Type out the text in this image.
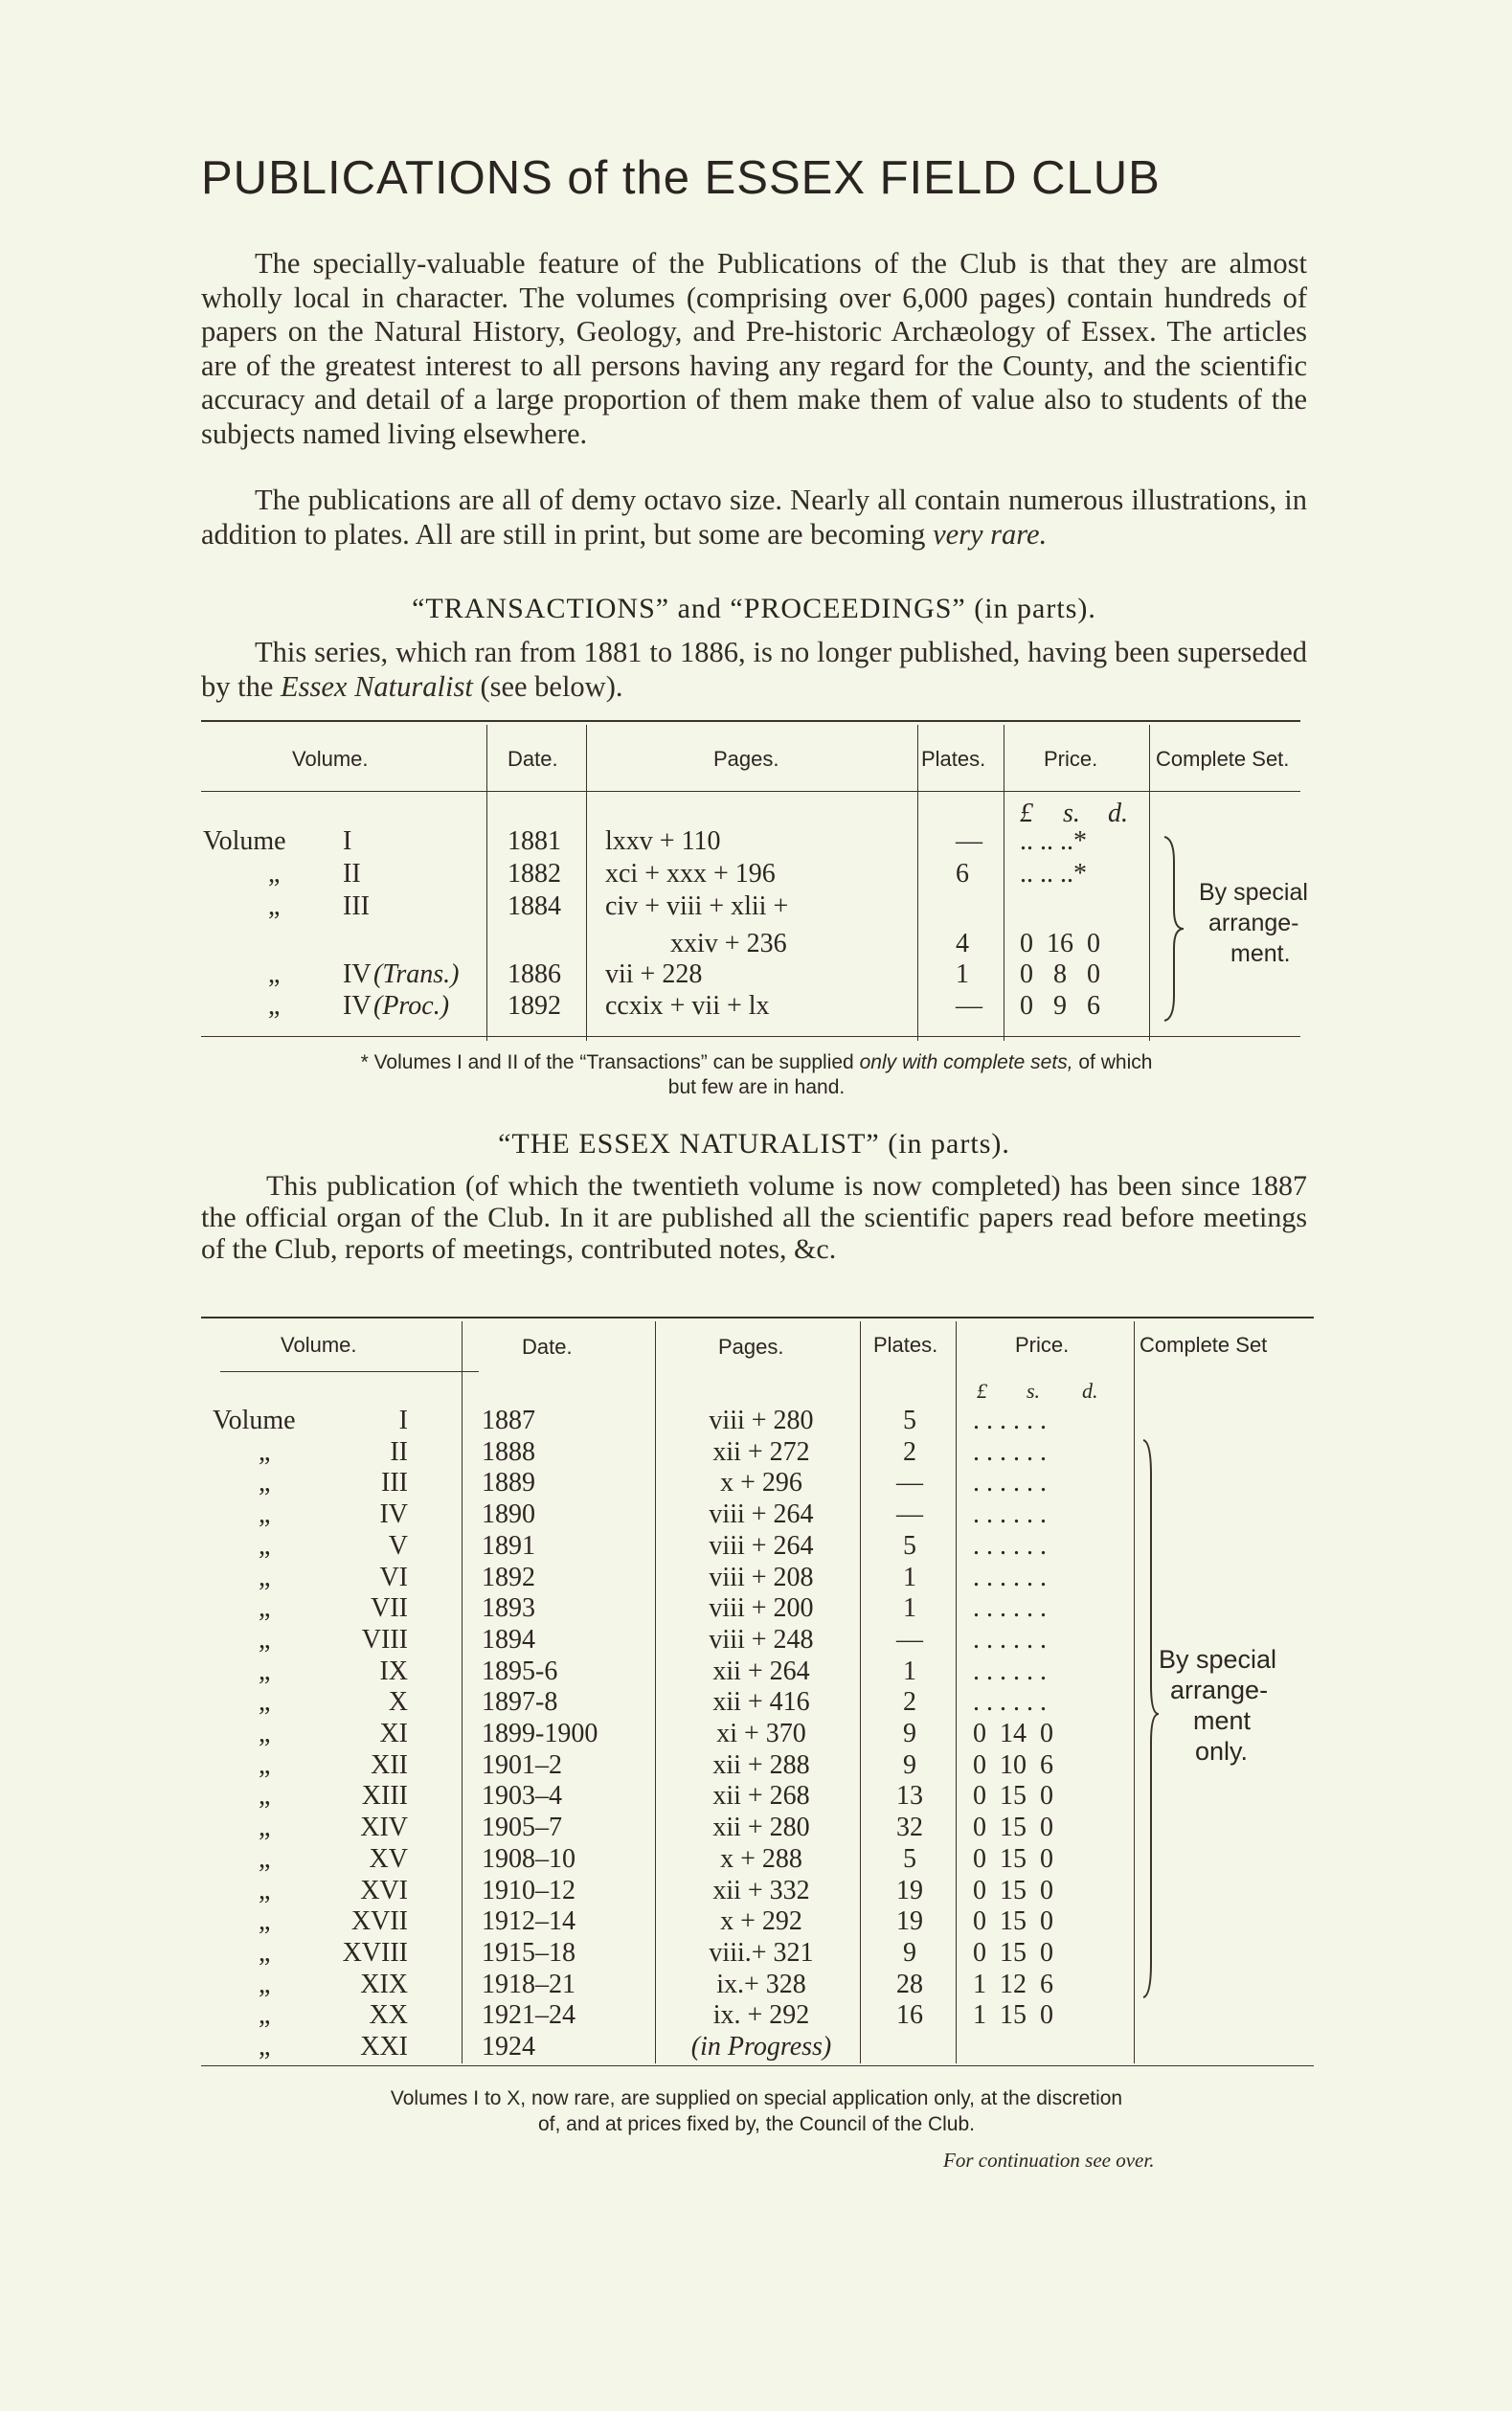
PUBLICATIONS of the ESSEX FIELD CLUB
The specially-valuable feature of the Publications of the Club is that they are almost wholly local in character. The volumes (comprising over 6,000 pages) contain hundreds of papers on the Natural History, Geology, and Pre-historic Archæology of Essex. The articles are of the greatest interest to all persons having any regard for the County, and the scientific accuracy and detail of a large proportion of them make them of value also to students of the subjects named living elsewhere.
The publications are all of demy octavo size. Nearly all contain numerous illustrations, in addition to plates. All are still in print, but some are becoming very rare.
“TRANSACTIONS” and “PROCEEDINGS” (in parts).
This series, which ran from 1881 to 1886, is no longer published, having been superseded by the Essex Naturalist (see below).
Volume.	Date.	Pages.	Plates.	Price.	Complete Set.
£ s. d.
Volume I	1881 lxxv + 110	— .. .. ..*
„ II	1882 xci + xxx + 196	6 .. .. ..*
„ III	1884 civ + viii + xlii +
xxiv + 236	4 0  16  0
„ IV (Trans.) 1886 vii + 228	1 0   8   0
„ IV (Proc.) 1892 ccxix + vii + lx	— 0   9   6
By special
arrange-
ment.
* Volumes I and II of the “Transactions” can be supplied only with complete sets, of which
but few are in hand.
“THE ESSEX NATURALIST” (in parts).
This publication (of which the twentieth volume is now completed) has been since 1887 the official organ of the Club. In it are published all the scientific papers read before meetings of the Club, reports of meetings, contributed notes, &c.
Volume.	Date.	Pages.	Plates.	Price.	Complete Set
£ s. d.
Volume	I	1887	viii + 280	5	. . . . . .
„	II	1888	xii + 272	2	. . . . . .
„	III	1889	x + 296	—	. . . . . .
„	IV	1890	viii + 264	—	. . . . . .
„	V	1891	viii + 264	5	. . . . . .
„	VI	1892	viii + 208	1	. . . . . .
„	VII	1893	viii + 200	1	. . . . . .
„	VIII	1894	viii + 248	—	. . . . . .
„	IX	1895-6	xii + 264	1	. . . . . .
„	X	1897-8	xii + 416	2	. . . . . .
„	XI	1899-1900	xi + 370	9	0  14  0
„	XII	1901–2	xii + 288	9	0  10  6
„	XIII	1903–4	xii + 268	13	0  15  0
„	XIV	1905–7	xii + 280	32	0  15  0
„	XV	1908–10	x + 288	5	0  15  0
„	XVI	1910–12	xii + 332	19	0  15  0
„	XVII	1912–14	x + 292	19	0  15  0
„	XVIII	1915–18	viii.+ 321	9	0  15  0
„	XIX	1918–21	ix.+ 328	28	1  12  6
„	XX	1921–24	ix. + 292	16	1  15  0
„	XXI	1924	(in Progress)
By special
arrange-
ment
only.
Volumes I to X, now rare, are supplied on special application only, at the discretion
of, and at prices fixed by, the Council of the Club.
For continuation see over.
